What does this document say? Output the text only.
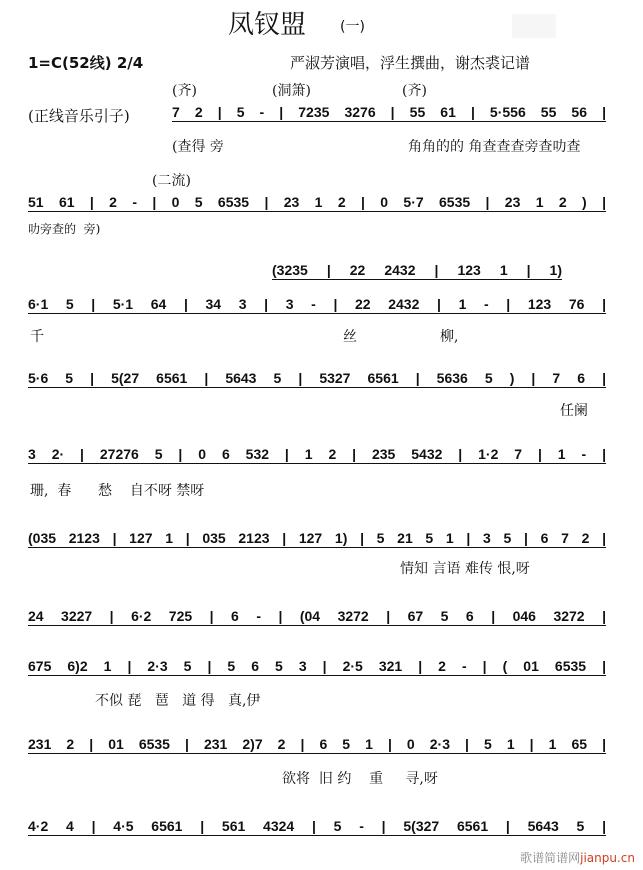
凤钗盟 (一)
1=C(52线) 2/4	严淑芳演唱，浮生撰曲，谢杰裘记谱
(齐)	(洞箫)	(齐)
(正线音乐引子)	7 2 | 5 - | 7235 3276 | 55 61 | 5·556 55 56 |
(查得 旁	角角的的 角查查查旁查叻查
(二流)
51 61 | 2 - | 0 5 6535 | 23 1 2 | 0 5·7 6535 | 23 1 2 ) |
叻旁查的  旁)
(3235 | 22 2432 | 123 1 | 1)
6·1 5 | 5·1 64 | 34 3 | 3 - | 22 2432 | 1 - | 123 76 |
千	丝	柳,
5·6 5 | 5(27 6561 | 5643 5 | 5327 6561 | 5636 5 ) | 7 6 |
任阑
3 2· | 27276 5 | 0 6 532 | 1 2 | 235 5432 | 1·2 7 | 1 - |
珊,  春      愁    自不呀 禁呀
(035 2123 | 127 1 | 035 2123 | 127 1) | 5 21 5 1 | 3 5 | 6 7 2 |
情知 言语 难传 恨,呀
24 3227 | 6·2 725 | 6 - | (04 3272 | 67 5 6 | 046 3272 |
675 6)2 1 | 2·3 5 | 5 6 5 3 | 2·5 321 | 2 - | ( 01 6535 |
不似 琵   琶   道 得   真,伊
231 2 | 01 6535 | 231 2)7 2 | 6 5 1 | 0 2·3 | 5 1 | 1 65 |
欲将  旧 约    重     寻,呀
4·2 4 | 4·5 6561 | 561 4324 | 5 - | 5(327 6561 | 5643 5 |
歌谱简谱网jianpu.cn
